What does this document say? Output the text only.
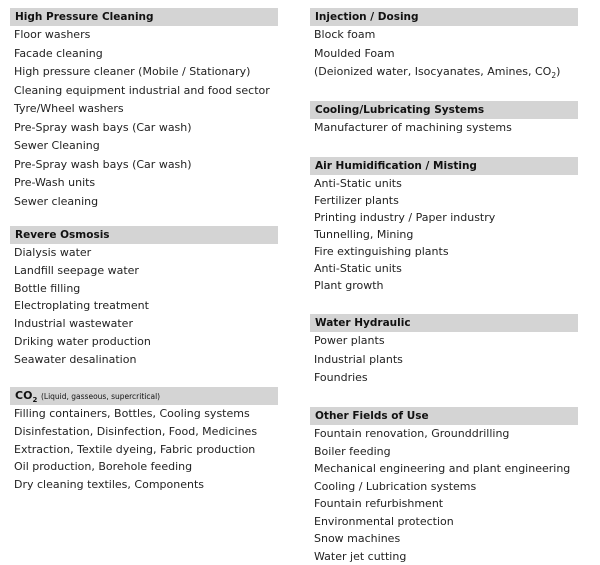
High Pressure Cleaning
Floor washers
Facade cleaning
High pressure cleaner (Mobile / Stationary)
Cleaning equipment industrial and food sector
Tyre/Wheel washers
Pre-Spray wash bays (Car wash)
Sewer Cleaning
Pre-Spray wash bays (Car wash)
Pre-Wash units
Sewer cleaning
Revere Osmosis
Dialysis water
Landfill seepage water
Bottle filling
Electroplating treatment
Industrial wastewater
Driking water production
Seawater desalination
$CO_2$ (Liquid, gasseous, supercritical)
Filling containers, Bottles, Cooling systems
Disinfestation, Disinfection, Food, Medicines
Extraction, Textile dyeing, Fabric production
Oil production, Borehole feeding
Dry cleaning textiles, Components
Injection / Dosing
Block foam
Moulded Foam
(Deionized water, Isocyanates, Amines, $CO_2$)
Cooling/Lubricating Systems
Manufacturer of machining systems
Air Humidification / Misting
Anti-Static units
Fertilizer plants
Printing industry / Paper industry
Tunnelling, Mining
Fire extinguishing plants
Anti-Static units
Plant growth
Water Hydraulic
Power plants
Industrial plants
Foundries
Other Fields of Use
Fountain renovation, Grounddrilling
Boiler feeding
Mechanical engineering and plant engineering
Cooling / Lubrication systems
Fountain refurbishment
Environmental protection
Snow machines
Water jet cutting
